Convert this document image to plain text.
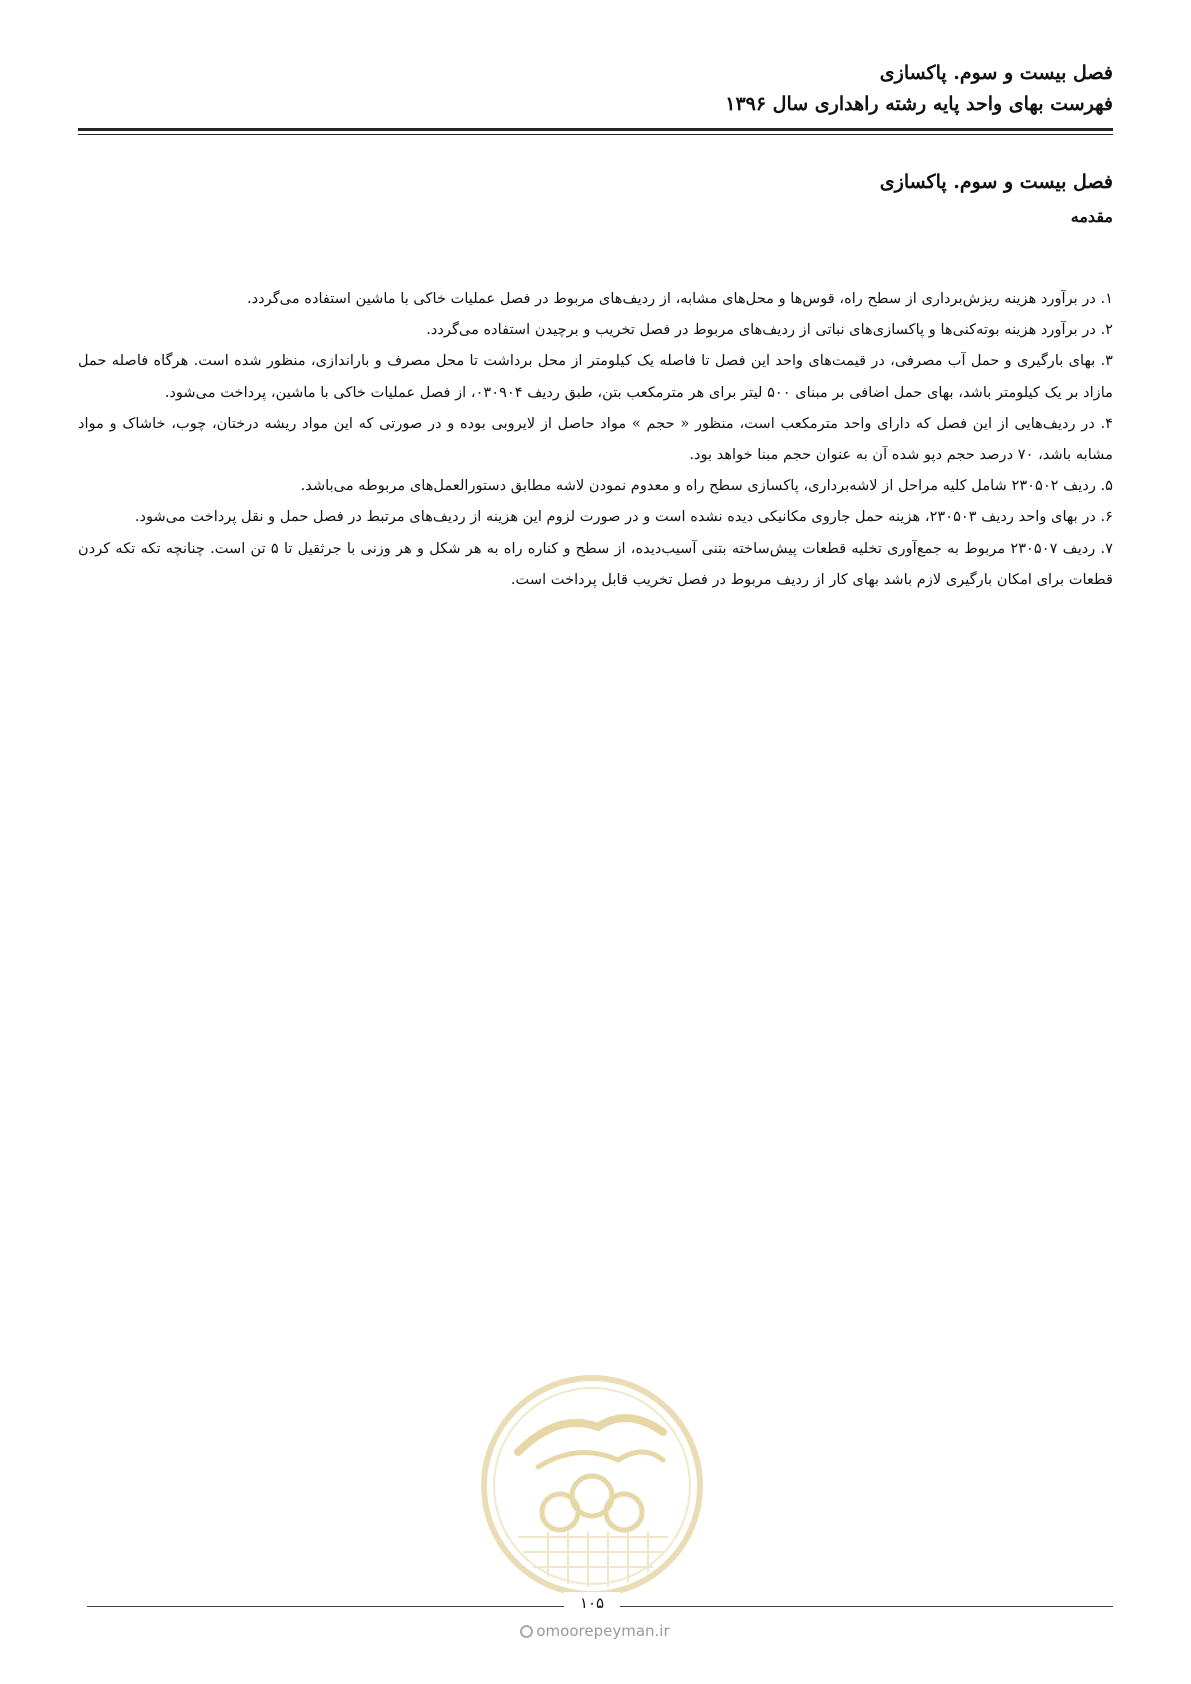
فصل بیست و سوم. پاکسازی
فهرست بهای واحد پایه رشته راهداری سال ۱۳۹۶
فصل بیست و سوم. پاکسازی
مقدمه

۱. در برآورد هزینه ریزش‌برداری از سطح راه، قوس‌ها و محل‌های مشابه، از ردیف‌های مربوط در فصل عملیات خاکی با ماشین استفاده می‌گردد.

۲. در برآورد هزینه بوته‌کنی‌ها و پاکسازی‌های نباتی از ردیف‌های مربوط در فصل تخریب و برچیدن استفاده می‌گردد.

۳. بهای بارگیری و حمل آب مصرفی، در قیمت‌های واحد این فصل تا فاصله یک کیلومتر از محل برداشت تا محل مصرف و باراندازی، منظور شده است. هرگاه فاصله حمل مازاد بر یک کیلومتر باشد، بهای حمل اضافی بر مبنای ۵۰۰ لیتر برای هر مترمکعب بتن، طبق ردیف ۰۳۰۹۰۴، از فصل عملیات خاکی با ماشین، پرداخت می‌شود.

۴. در ردیف‌هایی از این فصل که دارای واحد مترمکعب است، منظور « حجم » مواد حاصل از لایروبی بوده و در صورتی که این مواد ریشه درختان، چوب، خاشاک و مواد مشابه باشد، ۷۰ درصد حجم دپو شده آن به عنوان حجم مبنا خواهد بود.

۵. ردیف ۲۳۰۵۰۲ شامل کلیه مراحل از لاشه‌برداری، پاکسازی سطح راه و معدوم نمودن لاشه مطابق دستورالعمل‌های مربوطه می‌باشد.

۶. در بهای واحد ردیف ۲۳۰۵۰۳، هزینه حمل جاروی مکانیکی دیده نشده است و در صورت لزوم این هزینه از ردیف‌های مرتبط در فصل حمل و نقل پرداخت می‌شود.

۷. ردیف ۲۳۰۵۰۷ مربوط به جمع‌آوری تخلیه قطعات پیش‌ساخته بتنی آسیب‌دیده، از سطح و کناره راه به هر شکل و هر وزنی با جرثقیل تا ۵ تن است. چنانچه تکه تکه کردن قطعات برای امکان بارگیری لازم باشد بهای کار از ردیف مربوط در فصل تخریب قابل پرداخت است.

۱۰۵
omoorepeyman.ir
